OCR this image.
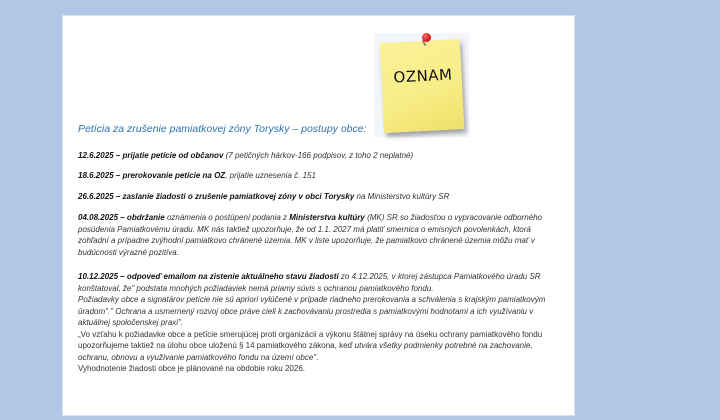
OZNAM
Petícia za zrušenie pamiatkovej zóny Torysky – postupy obce:
12.6.2025 – prijatie petície od občanov (7 petičných hárkov-166 podpisov, z toho 2 neplatné)
18.6.2025 – prerokovanie petície na OZ, prijatie uznesenia č. 151
26.6.2025 – zaslanie žiadosti o zrušenie pamiatkovej zóny v obci Torysky na Ministerstvo kultúry SR
04.08.2025 – obdržanie oznámenia o postúpení podania z Ministerstva kultúry (MK) SR so žiadosťou o vypracovanie odborného posúdenia Pamiatkovému úradu. MK nás taktiež upozorňuje, že od 1.1. 2027 má platiť smernica o emisných povolenkách, ktorá zohľadní a prípadne zvýhodní pamiatkovo chránené územia. MK v liste upozorňuje, že pamiatkovo chránené územia môžu mať v budúcnosti výrazné pozitíva.
10.12.2025 – odpoveď emailom na zistenie aktuálneho stavu žiadosti zo 4.12.2025, v ktorej zástupca Pamiatkového úradu SR konštatoval, že" podstata mnohých požiadaviek nemá priamy súvis s ochranou pamiatkového fondu.
Požiadavky obce a signatárov petície nie sú apriori vylúčené v prípade riadneho prerokovania a schválenia s krajským pamiatkovým úradom"." Ochrana a usmernený rozvoj obce práve cieli k zachovávaniu prostredia s pamiatkovými hodnotami a ich využívaniu v aktuálnej spoločenskej praxi".
„Vo vzťahu k požiadavke obce a petície smerujúcej proti organizácii a výkonu štátnej správy na úseku ochrany pamiatkového fondu upozorňujeme taktiež na úlohu obce uloženú § 14 pamiatkového zákona, keď utvára všetky podmienky potrebné na zachovanie, ochranu, obnovu a využívanie pamiatkového fondu na území obce".
Vyhodnotenie žiadosti obce je plánované na obdobie roku 2026.
